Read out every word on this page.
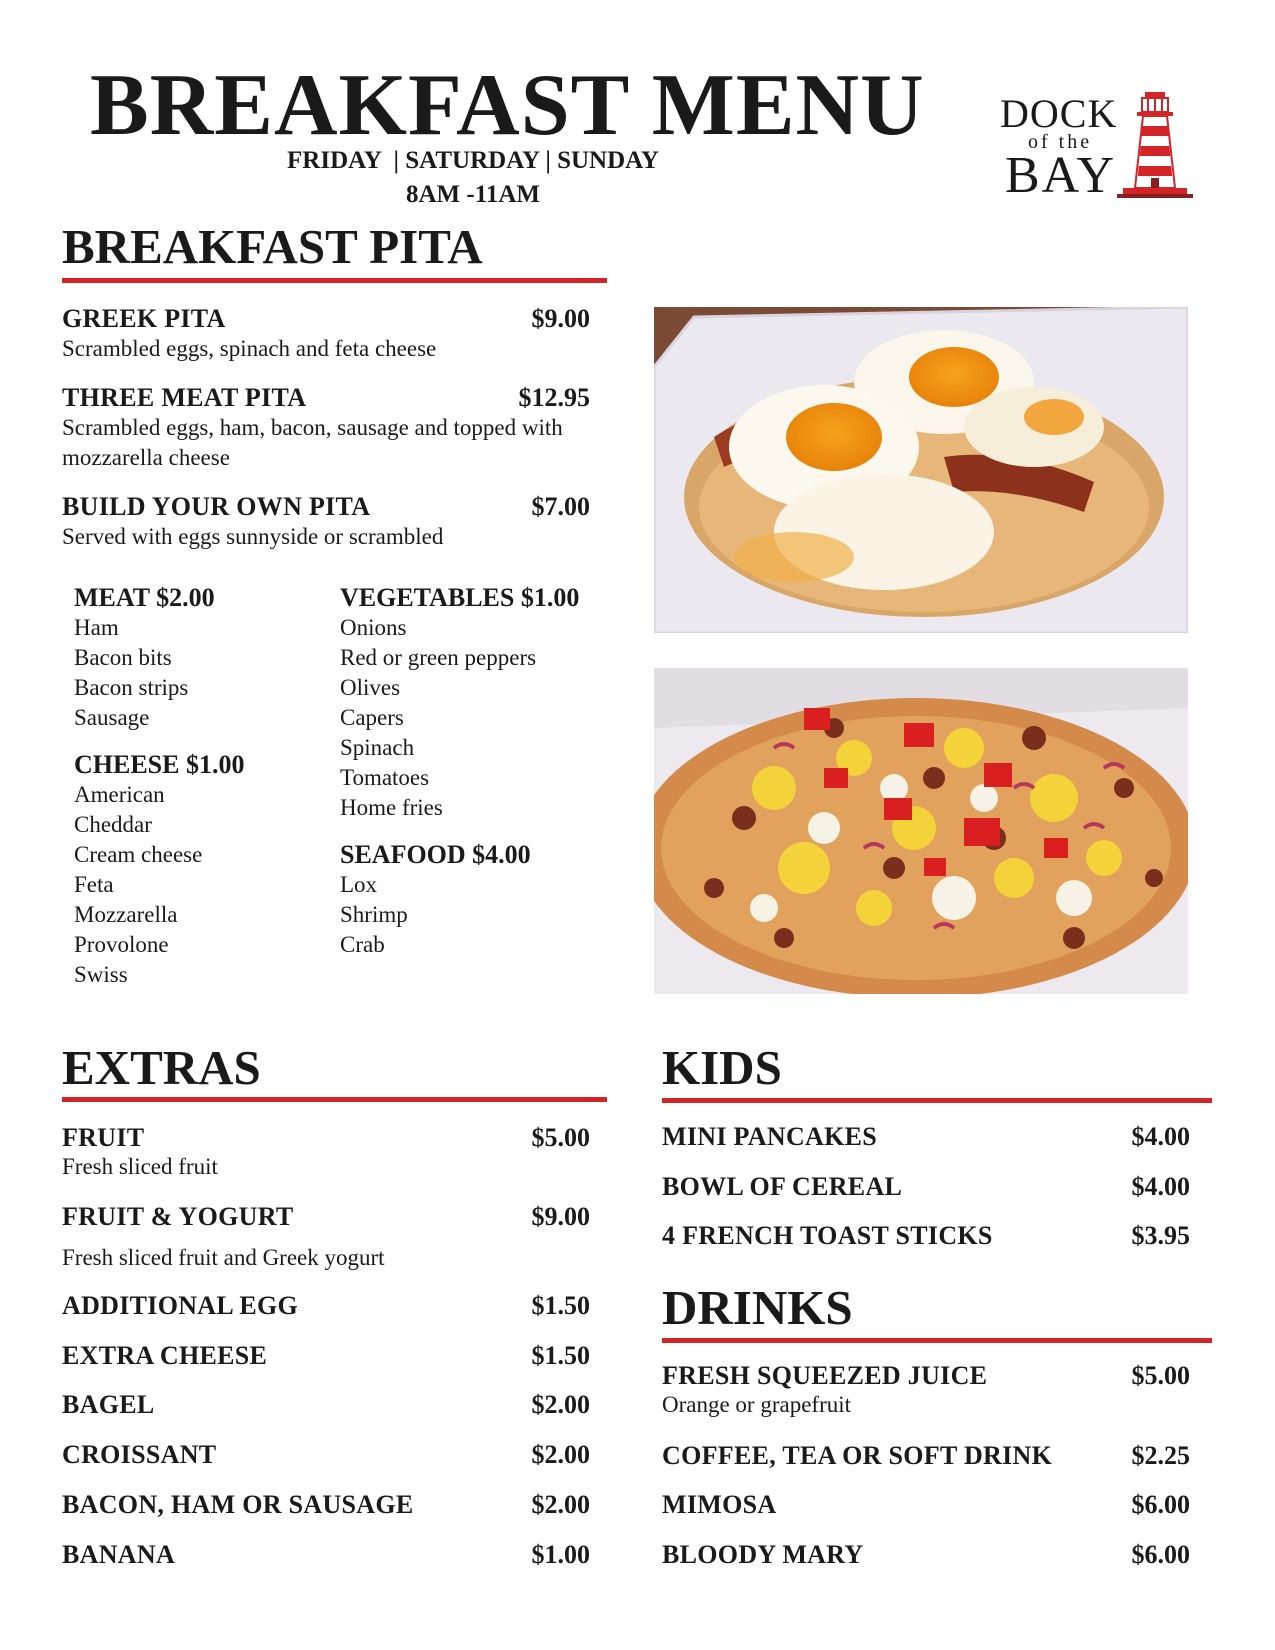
BREAKFAST MENU
FRIDAY  | SATURDAY | SUNDAY
8AM -11AM
DOCK
of the
BAY
BREAKFAST PITA
GREEK PITA	$9.00
Scrambled eggs, spinach and feta cheese
THREE MEAT PITA	$12.95
Scrambled eggs, ham, bacon, sausage and topped with mozzarella cheese
BUILD YOUR OWN PITA	$7.00
Served with eggs sunnyside or scrambled
MEAT $2.00
Ham
Bacon bits
Bacon strips
Sausage
CHEESE $1.00
American
Cheddar
Cream cheese
Feta
Mozzarella
Provolone
Swiss
VEGETABLES $1.00
Onions
Red or green peppers
Olives
Capers
Spinach
Tomatoes
Home fries
SEAFOOD $4.00
Lox
Shrimp
Crab
EXTRAS
FRUIT	$5.00
Fresh sliced fruit
FRUIT & YOGURT	$9.00
Fresh sliced fruit and Greek yogurt
ADDITIONAL EGG	$1.50
EXTRA CHEESE	$1.50
BAGEL	$2.00
CROISSANT	$2.00
BACON, HAM OR SAUSAGE	$2.00
BANANA	$1.00
KIDS
MINI PANCAKES	$4.00
BOWL OF CEREAL	$4.00
4 FRENCH TOAST STICKS	$3.95
DRINKS
FRESH SQUEEZED JUICE	$5.00
Orange or grapefruit
COFFEE, TEA OR SOFT DRINK	$2.25
MIMOSA	$6.00
BLOODY MARY	$6.00
